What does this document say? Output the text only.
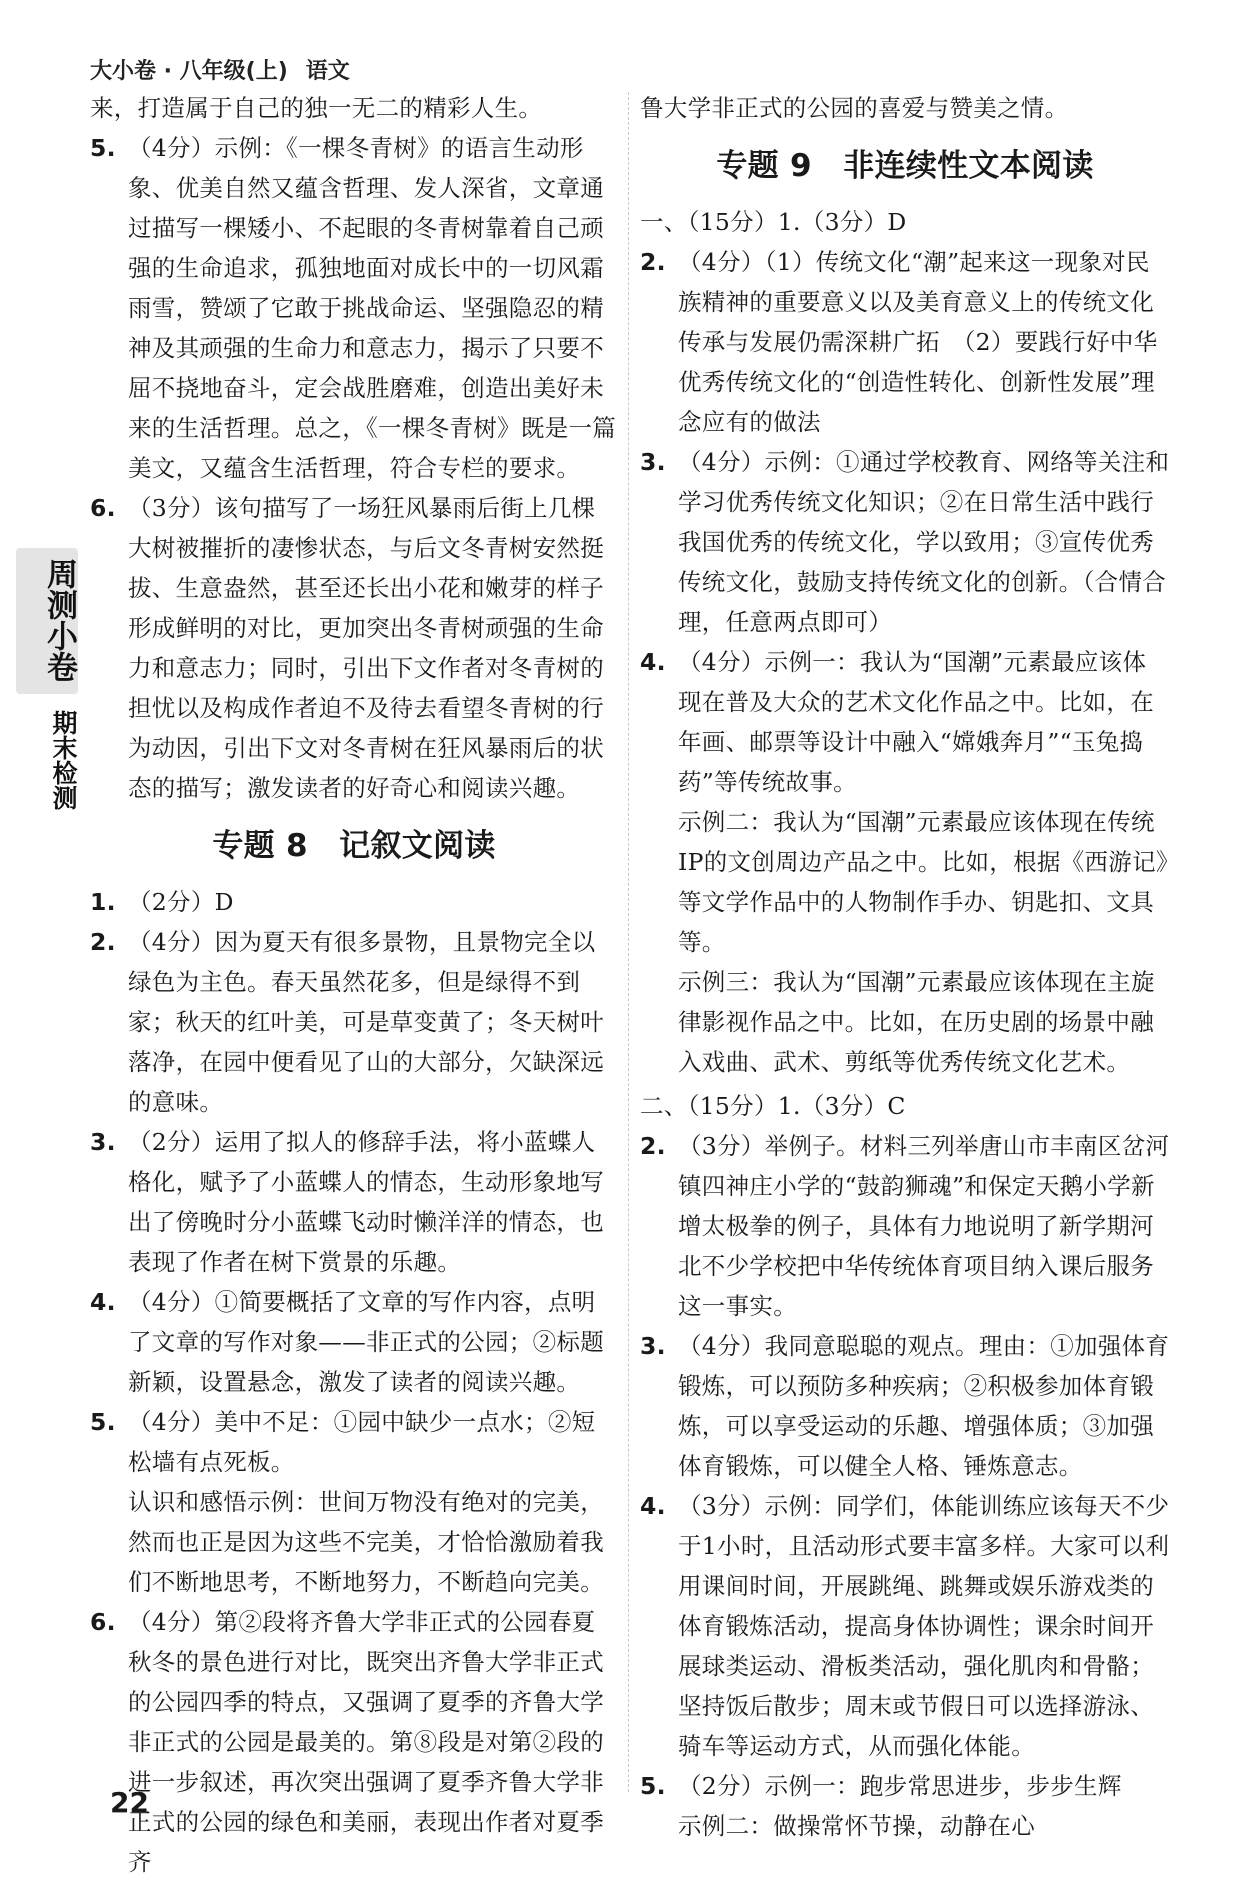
大小卷 · 八年级(上) 语文
周测小卷
期末检测

来，打造属于自己的独一无二的精彩人生。

5. （4分）示例：《一棵冬青树》的语言生动形象、优美自然又蕴含哲理、发人深省，文章通过描写一棵矮小、不起眼的冬青树靠着自己顽强的生命追求，孤独地面对成长中的一切风霜雨雪，赞颂了它敢于挑战命运、坚强隐忍的精神及其顽强的生命力和意志力，揭示了只要不屈不挠地奋斗，定会战胜磨难，创造出美好未来的生活哲理。总之，《一棵冬青树》既是一篇美文，又蕴含生活哲理，符合专栏的要求。

6. （3分）该句描写了一场狂风暴雨后街上几棵大树被摧折的凄惨状态，与后文冬青树安然挺拔、生意盎然，甚至还长出小花和嫩芽的样子形成鲜明的对比，更加突出冬青树顽强的生命力和意志力；同时，引出下文作者对冬青树的担忧以及构成作者迫不及待去看望冬青树的行为动因，引出下文对冬青树在狂风暴雨后的状态的描写；激发读者的好奇心和阅读兴趣。

专题 8　记叙文阅读

1. （2分）D

2. （4分）因为夏天有很多景物，且景物完全以绿色为主色。春天虽然花多，但是绿得不到家；秋天的红叶美，可是草变黄了；冬天树叶落净，在园中便看见了山的大部分，欠缺深远的意味。

3. （2分）运用了拟人的修辞手法，将小蓝蝶人格化，赋予了小蓝蝶人的情态，生动形象地写出了傍晚时分小蓝蝶飞动时懒洋洋的情态，也表现了作者在树下赏景的乐趣。

4. （4分）①简要概括了文章的写作内容，点明了文章的写作对象——非正式的公园；②标题新颖，设置悬念，激发了读者的阅读兴趣。

5. （4分）美中不足：①园中缺少一点水；②短松墙有点死板。

认识和感悟示例：世间万物没有绝对的完美，然而也正是因为这些不完美，才恰恰激励着我们不断地思考，不断地努力，不断趋向完美。

6. （4分）第②段将齐鲁大学非正式的公园春夏秋冬的景色进行对比，既突出齐鲁大学非正式的公园四季的特点，又强调了夏季的齐鲁大学非正式的公园是最美的。第⑧段是对第②段的进一步叙述，再次突出强调了夏季齐鲁大学非正式的公园的绿色和美丽，表现出作者对夏季齐

鲁大学非正式的公园的喜爱与赞美之情。

专题 9　非连续性文本阅读

一、（15分）1.（3分）D

2. （4分）（1）传统文化“潮”起来这一现象对民族精神的重要意义以及美育意义上的传统文化传承与发展仍需深耕广拓　（2）要践行好中华优秀传统文化的“创造性转化、创新性发展”理念应有的做法

3. （4分）示例：①通过学校教育、网络等关注和学习优秀传统文化知识；②在日常生活中践行我国优秀的传统文化，学以致用；③宣传优秀传统文化，鼓励支持传统文化的创新。（合情合理，任意两点即可）

4. （4分）示例一：我认为“国潮”元素最应该体现在普及大众的艺术文化作品之中。比如，在年画、邮票等设计中融入“嫦娥奔月”“玉兔捣药”等传统故事。

示例二：我认为“国潮”元素最应该体现在传统IP的文创周边产品之中。比如，根据《西游记》等文学作品中的人物制作手办、钥匙扣、文具等。

示例三：我认为“国潮”元素最应该体现在主旋律影视作品之中。比如，在历史剧的场景中融入戏曲、武术、剪纸等优秀传统文化艺术。

二、（15分）1.（3分）C

2. （3分）举例子。材料三列举唐山市丰南区岔河镇四神庄小学的“鼓韵狮魂”和保定天鹅小学新增太极拳的例子，具体有力地说明了新学期河北不少学校把中华传统体育项目纳入课后服务这一事实。

3. （4分）我同意聪聪的观点。理由：①加强体育锻炼，可以预防多种疾病；②积极参加体育锻炼，可以享受运动的乐趣、增强体质；③加强体育锻炼，可以健全人格、锤炼意志。

4. （3分）示例：同学们，体能训练应该每天不少于1小时，且活动形式要丰富多样。大家可以利用课间时间，开展跳绳、跳舞或娱乐游戏类的体育锻炼活动，提高身体协调性；课余时间开展球类运动、滑板类活动，强化肌肉和骨骼；坚持饭后散步；周末或节假日可以选择游泳、骑车等运动方式，从而强化体能。

5. （2分）示例一：跑步常思进步，步步生辉

示例二：做操常怀节操，动静在心

22
